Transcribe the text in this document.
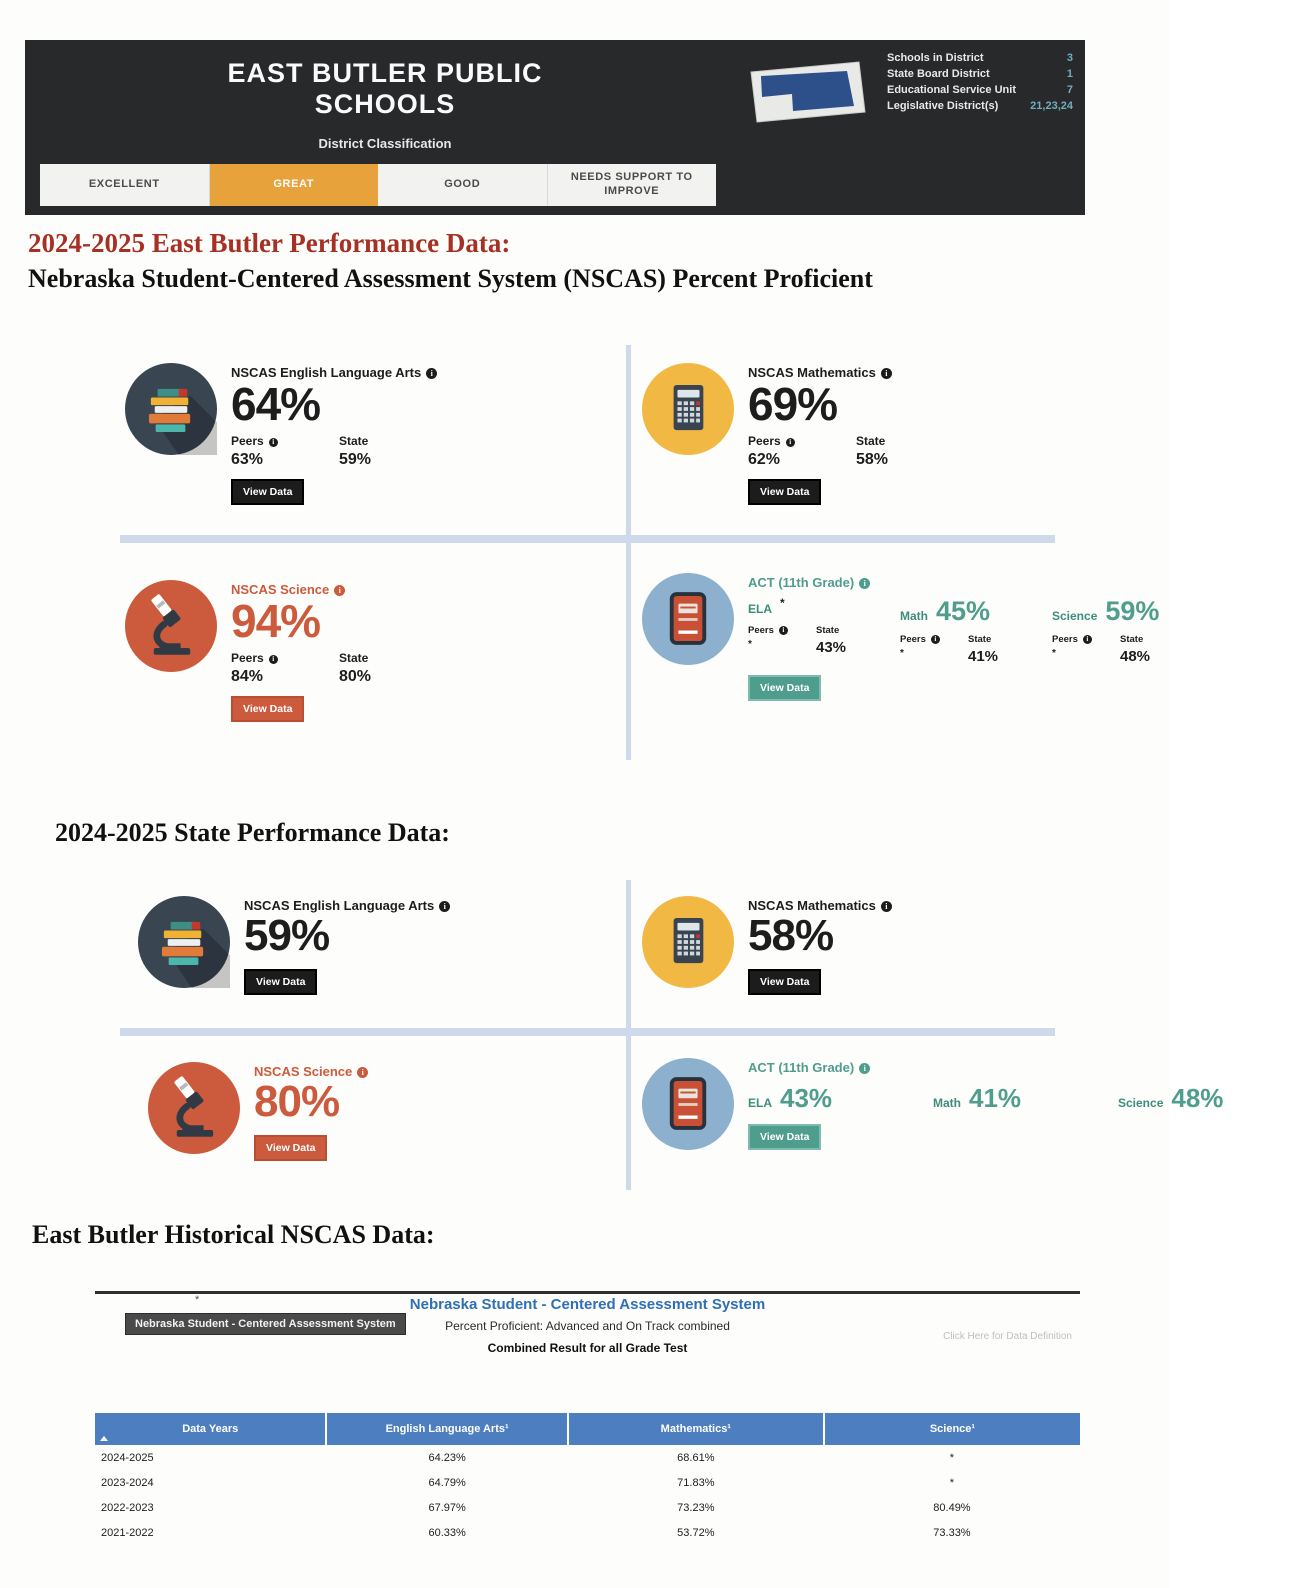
EAST BUTLER PUBLIC SCHOOLS
Schools in District	3
State Board District	1
Educational Service Unit	7
Legislative District(s)	21,23,24
District Classification
EXCELLENT	GREAT	GOOD
NEEDS SUPPORT TO IMPROVE
2024-2025 East Butler Performance Data:
Nebraska Student-Centered Assessment System (NSCAS) Percent Proficient
NSCAS English Language Artsi
64%
Peersi
63%
State
59%
View Data
NSCAS Mathematicsi
69%
Peersi
62%
State
58%
View Data
NSCAS Sciencei
94%
Peersi
84%
State
80%
View Data
ACT (11th Grade)i
ELA *
Peers i	State
*	43%
Math 45%
Peers i	State
*	41%
Science 59%
Peers i	State
*	48%
View Data
2024-2025 State Performance Data:
NSCAS English Language Artsi
59%
View Data
NSCAS Mathematicsi
58%
View Data
NSCAS Sciencei
80%
View Data
ACT (11th Grade)i
ELA 43%	Math 41%	Science 48%
View Data
East Butler Historical NSCAS Data:
*	Nebraska Student - Centered Assessment System
Nebraska Student - Centered Assessment System	Percent Proficient: Advanced and On Track combined
Combined Result for all Grade Test
Click Here for Data Definition
Data Years	English Language Arts¹	Mathematics¹	Science¹
2024-2025	64.23%	68.61%	*
2023-2024	64.79%	71.83%	*
2022-2023	67.97%	73.23%	80.49%
2021-2022	60.33%	53.72%	73.33%
